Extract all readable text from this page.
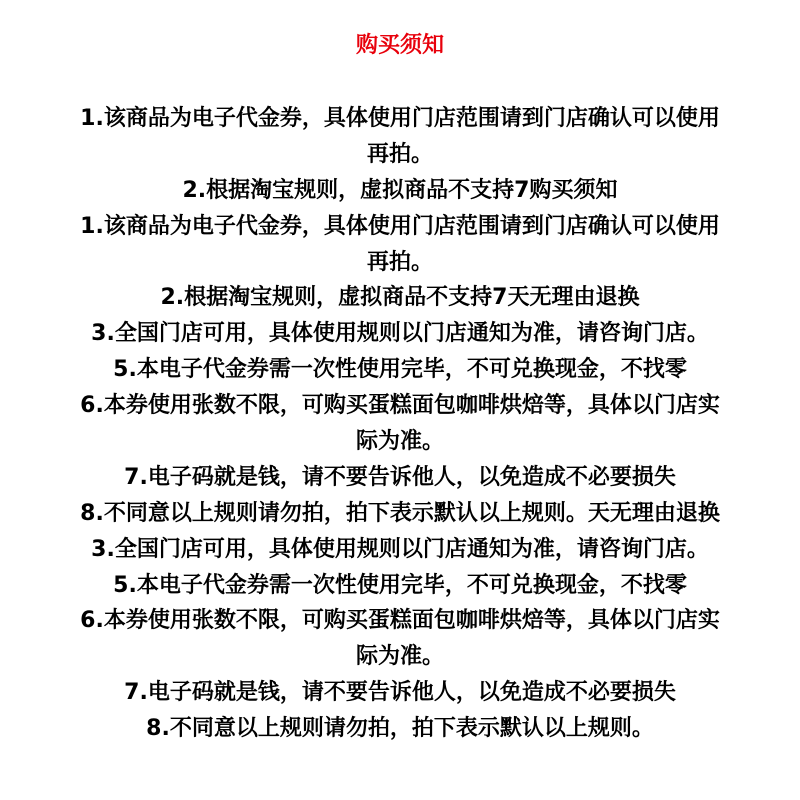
购买须知
1.该商品为电子代金券，具体使用门店范围请到门店确认可以使用
再拍。
2.根据淘宝规则，虚拟商品不支持7购买须知
1.该商品为电子代金券，具体使用门店范围请到门店确认可以使用
再拍。
2.根据淘宝规则，虚拟商品不支持7天无理由退换
3.全国门店可用，具体使用规则以门店通知为准，请咨询门店。
5.本电子代金券需一次性使用完毕，不可兑换现金，不找零
6.本券使用张数不限，可购买蛋糕面包咖啡烘焙等，具体以门店实
际为准。
7.电子码就是钱，请不要告诉他人，以免造成不必要损失
8.不同意以上规则请勿拍，拍下表示默认以上规则。天无理由退换
3.全国门店可用，具体使用规则以门店通知为准，请咨询门店。
5.本电子代金券需一次性使用完毕，不可兑换现金，不找零
6.本券使用张数不限，可购买蛋糕面包咖啡烘焙等，具体以门店实
际为准。
7.电子码就是钱，请不要告诉他人，以免造成不必要损失
8.不同意以上规则请勿拍，拍下表示默认以上规则。
